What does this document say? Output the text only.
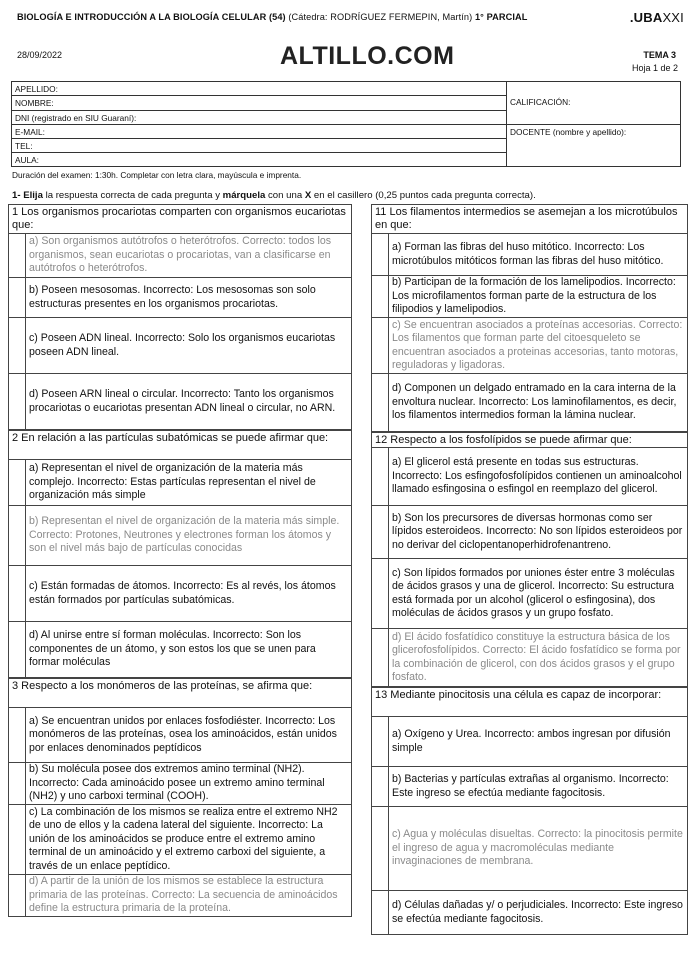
BIOLOGÍA E INTRODUCCIÓN A LA BIOLOGÍA CELULAR (54) (Cátedra: RODRÍGUEZ FERMEPIN, Martín) 1° PARCIAL	.UBAXXI
28/09/2022	ALTILLO.COM	TEMA 3
Hoja 1 de 2
APELLIDO:
NOMBRE:
DNI (registrado en SIU Guaraní):
E-MAIL:
TEL:
AULA:
CALIFICACIÓN:
DOCENTE (nombre y apellido):
Duración del examen: 1:30h. Completar con letra clara, mayúscula e imprenta.
1- Elija la respuesta correcta de cada pregunta y márquela con una X en el casillero (0,25 puntos cada pregunta correcta).
1 Los organismos procariotas comparten con organismos eucariotas que:
a) Son organismos autótrofos o heterótrofos. Correcto: todos los organismos, sean eucariotas o procariotas, van a clasificarse en autótrofos o heterótrofos.
b) Poseen mesosomas. Incorrecto: Los mesosomas son solo estructuras presentes en los organismos procariotas.
c) Poseen ADN lineal. Incorrecto: Solo los organismos eucariotas poseen ADN lineal.
d) Poseen ARN lineal o circular. Incorrecto: Tanto los organismos procariotas o eucariotas presentan ADN lineal o circular, no ARN.
2 En relación a las partículas subatómicas se puede afirmar que:
a) Representan el nivel de organización de la materia más complejo. Incorrecto: Estas partículas representan el nivel de organización más simple
b) Representan el nivel de organización de la materia más simple. Correcto: Protones, Neutrones y electrones forman los átomos y son el nivel más bajo de partículas conocidas
c) Están formadas de átomos. Incorrecto: Es al revés, los átomos están formados por partículas subatómicas.
d) Al unirse entre sí forman moléculas. Incorrecto: Son los componentes de un átomo, y son estos los que se unen para formar moléculas
3 Respecto a los monómeros de las proteínas, se afirma que:
a) Se encuentran unidos por enlaces fosfodiéster. Incorrecto: Los monómeros de las proteínas, osea los aminoácidos, están unidos por enlaces denominados peptídicos
b) Su molécula posee dos extremos amino terminal (NH2). Incorrecto: Cada aminoácido posee un extremo amino terminal (NH2) y uno carboxi terminal (COOH).
c) La combinación de los mismos se realiza entre el extremo NH2 de uno de ellos y la cadena lateral del siguiente. Incorrecto: La unión de los aminoácidos se produce entre el extremo amino terminal de un aminoácido y el extremo carboxi del siguiente, a través de un enlace peptídico.
d) A partir de la unión de los mismos se establece la estructura primaria de las proteínas. Correcto: La secuencia de aminoácidos define la estructura primaria de la proteína.
11 Los filamentos intermedios se asemejan a los microtúbulos en que:
a) Forman las fibras del huso mitótico. Incorrecto: Los microtúbulos mitóticos forman las fibras del huso mitótico.
b) Participan de la formación de los lamelipodios. Incorrecto: Los microfilamentos forman parte de la estructura de los filipodios y lamelipodios.
c) Se encuentran asociados a proteínas accesorias. Correcto: Los filamentos que forman parte del citoesqueleto se encuentran asociados a proteinas accesorias, tanto motoras, reguladoras y ligadoras.
d) Componen un delgado entramado en la cara interna de la envoltura nuclear. Incorrecto: Los laminofilamentos, es decir, los filamentos intermedios forman la lámina nuclear.
12 Respecto a los fosfolípidos se puede afirmar que:
a) El glicerol está presente en todas sus estructuras. Incorrecto: Los esfingofosfolípidos contienen un aminoalcohol llamado esfingosina o esfingol en reemplazo del glicerol.
b) Son los precursores de diversas hormonas como ser lípidos esteroideos. Incorrecto: No son lípidos esteroideos por no derivar del ciclopentanoperhidrofenantreno.
c) Son lípidos formados por uniones éster entre 3 moléculas de ácidos grasos y una de glicerol. Incorrecto: Su estructura está formada por un alcohol (glicerol o esfingosina), dos moléculas de ácidos grasos y un grupo fosfato.
d) El ácido fosfatídico constituye la estructura básica de los glicerofosfolípidos. Correcto: El ácido fosfatídico se forma por la combinación de glicerol, con dos ácidos grasos y el grupo fosfato.
13 Mediante pinocitosis una célula es capaz de incorporar:
a) Oxígeno y Urea. Incorrecto: ambos ingresan por difusión simple
b) Bacterias y partículas extrañas al organismo. Incorrecto: Este ingreso se efectúa mediante fagocitosis.
c) Agua y moléculas disueltas. Correcto: la pinocitosis permite el ingreso de agua y macromoléculas mediante invaginaciones de membrana.
d) Células dañadas y/ o perjudiciales. Incorrecto: Este ingreso se efectúa mediante fagocitosis.
